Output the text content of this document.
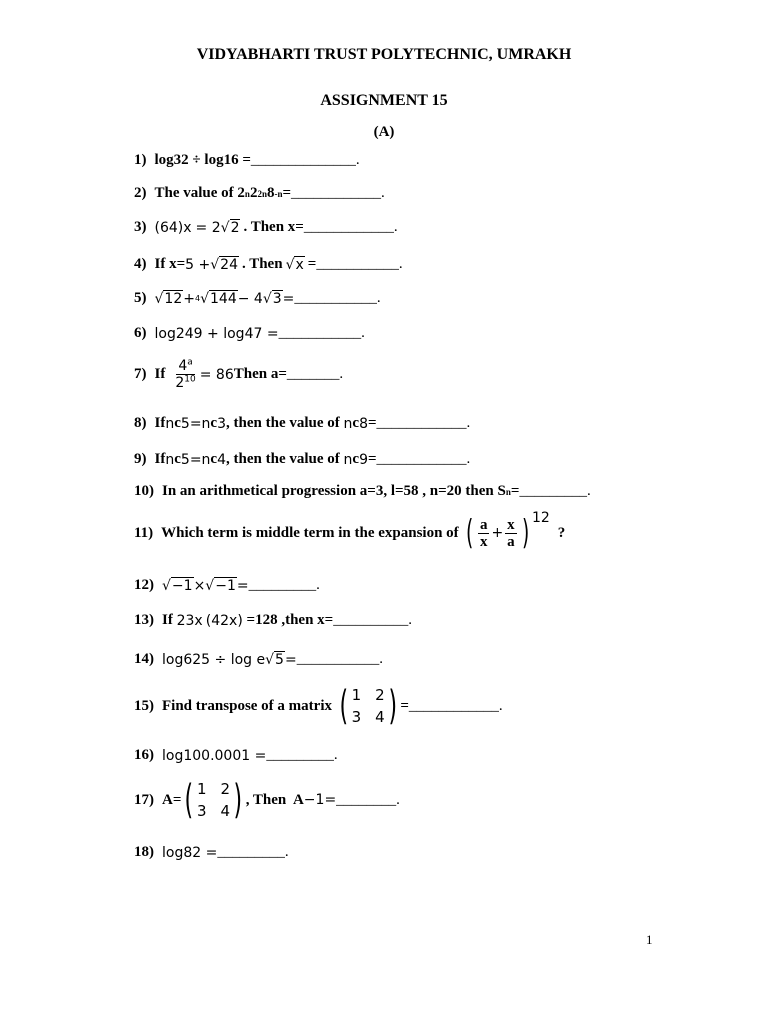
VIDYABHARTI TRUST POLYTECHNIC, UMRAKH
ASSIGNMENT 15
(A)
1) log32 ÷ log16 = ______________.
2) The value of 2 n 2 2n 8 -n = ____________.
3) (64) x = 2 √ 2 . Then x= ____________.
4) If x= 5 + √ 24 . Then √ x = ___________.
5) √ 12 + 4 √ 144 − 4 √ 3 = ___________.
6) log 2 49 + log 4 7 = ___________.
7) If $\frac{4^a}{2^{10}} = 8$ 6 Then a= _______.
8) If n c 5 = n c 3 , then the value of n c 8 = ____________.
9) If n c 5 = n c 4 , then the value of n c 9 = ____________.
10) In an arithmetical progression a=3, l=58 , n=20 then S n = _________.
11) Which term is middle term in the expansion of ( $\frac{a}{x} + \frac{x}{a}$ ) 12
?
12) √ −1 × √ −1 = _________.
13) If 2 3x ( 4 2x ) =128 ,then x= __________.
14) log625 ÷ log e √ 5 = ___________.
15) Find transpose of a matrix ( 1 2
3 4 ) = ____________.
16) log 10 0.0001 = _________.
17) A= ( 1 2
3 4 ) , Then  A −1 = ________.
18) log 8 2 = _________.
1
